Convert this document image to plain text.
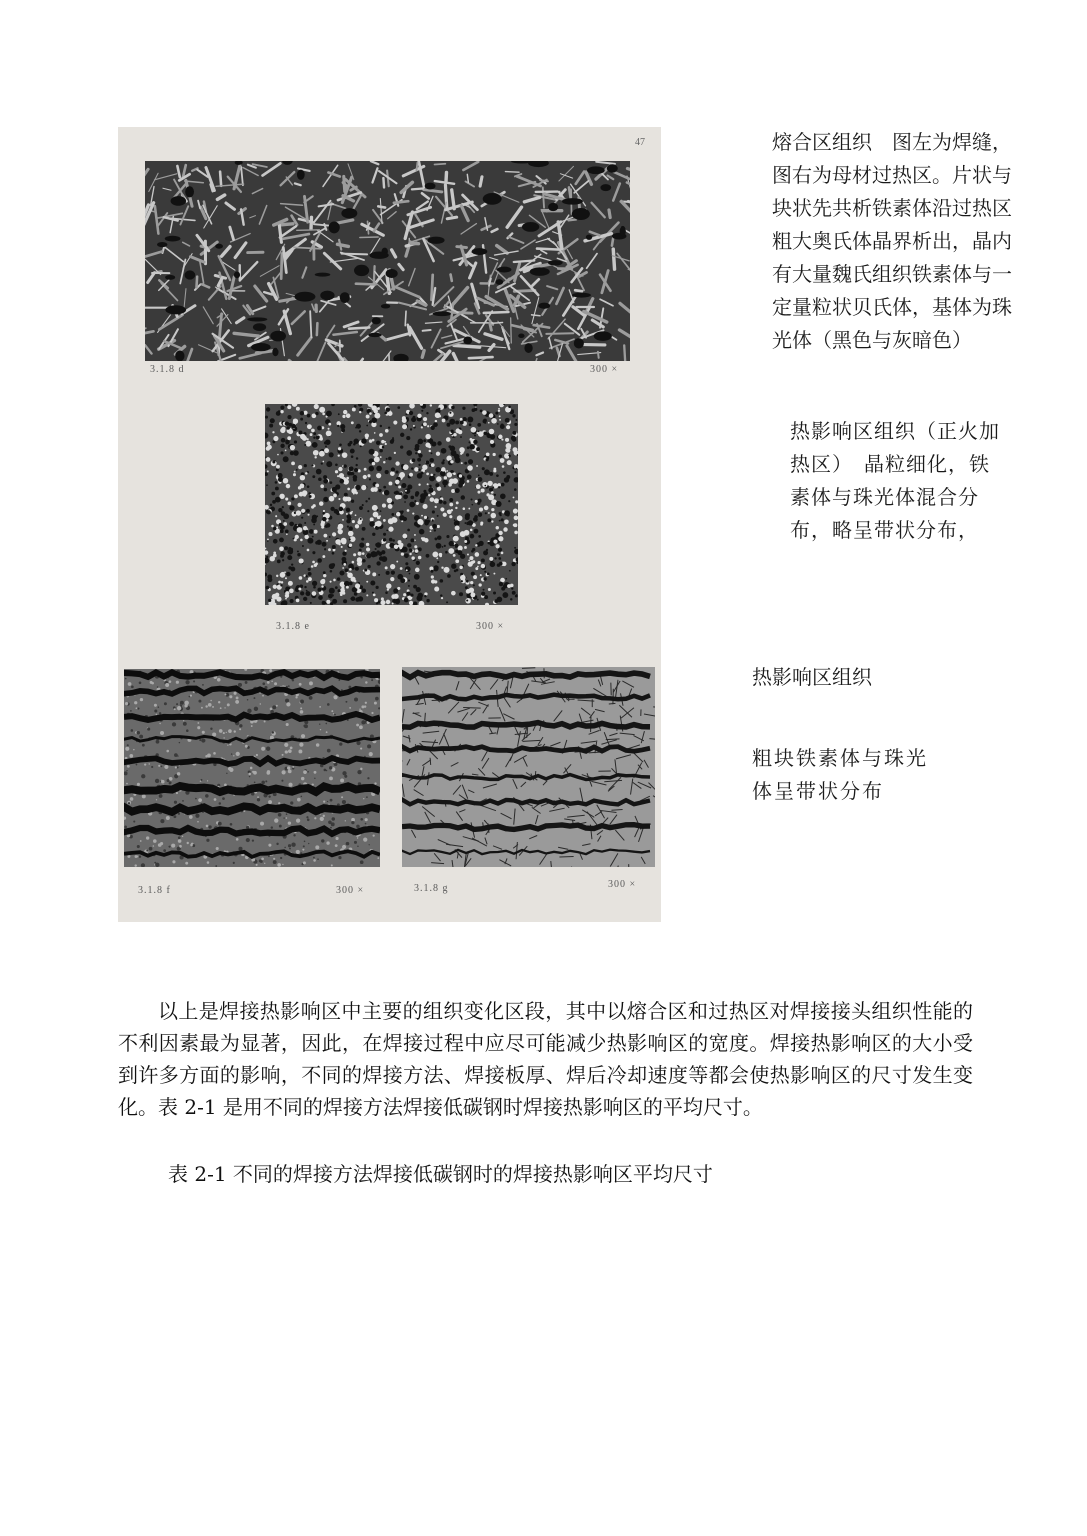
47
3.1.8 d	300 ×
3.1.8 e	300 ×
3.1.8 f	300 ×	3.1.8 g	300 ×
熔合区组织　图左为焊缝，
图右为母材过热区。片状与
块状先共析铁素体沿过热区
粗大奥氏体晶界析出，晶内
有大量魏氏组织铁素体与一
定量粒状贝氏体，基体为珠
光体（黑色与灰暗色）
热影响区组织（正火加
热区）　晶粒细化，铁
素体与珠光体混合分
布，略呈带状分布，
热影响区组织
粗块铁素体与珠光
体呈带状分布

以上是焊接热影响区中主要的组织变化区段，其中以熔合区和过热区对焊接接头组织性能的不利因素最为显著，因此，在焊接过程中应尽可能减少热影响区的宽度。焊接热影响区的大小受到许多方面的影响，不同的焊接方法、焊接板厚、焊后冷却速度等都会使热影响区的尺寸发生变化。表 2-1 是用不同的焊接方法焊接低碳钢时焊接热影响区的平均尺寸。

表 2-1 不同的焊接方法焊接低碳钢时的焊接热影响区平均尺寸
